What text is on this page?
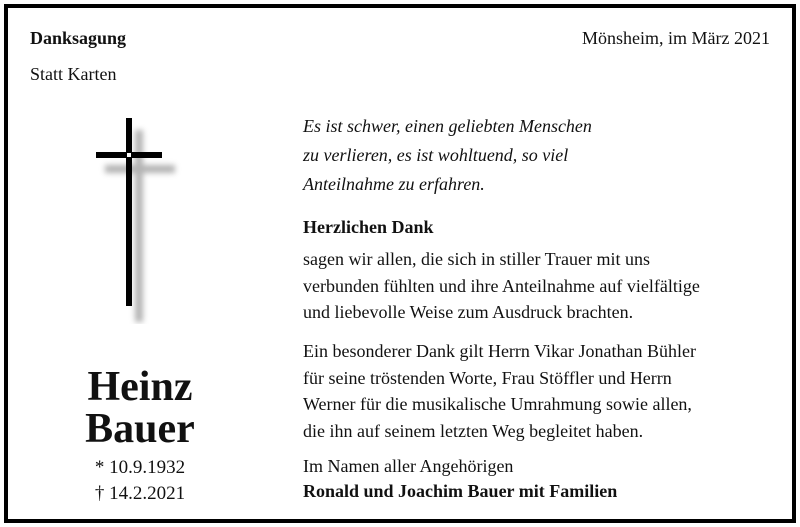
Danksagung	Mönsheim, im März 2021
Statt Karten
Heinz
Bauer
* 10.9.1932
† 14.2.2021
Es ist schwer, einen geliebten Menschen
zu verlieren, es ist wohltuend, so viel
Anteilnahme zu erfahren.
Herzlichen Dank
sagen wir allen, die sich in stiller Trauer mit uns
verbunden fühlten und ihre Anteilnahme auf vielfältige
und liebevolle Weise zum Ausdruck brachten.
Ein besonderer Dank gilt Herrn Vikar Jonathan Bühler
für seine tröstenden Worte, Frau Stöffler und Herrn
Werner für die musikalische Umrahmung sowie allen,
die ihn auf seinem letzten Weg begleitet haben.
Im Namen aller Angehörigen
Ronald und Joachim Bauer mit Familien
